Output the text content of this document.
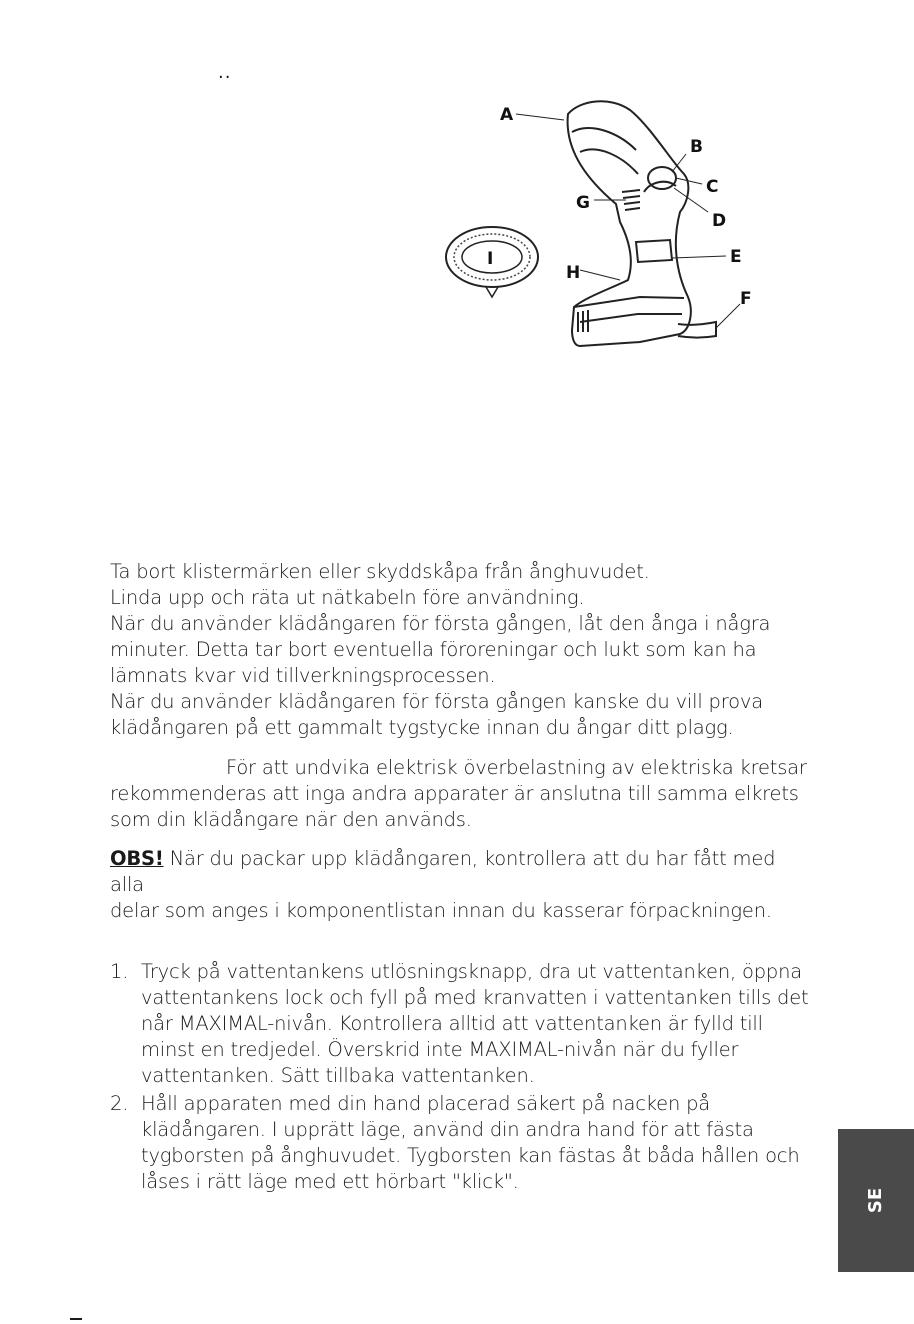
..
A
B
C
D
E
F
G
H
I
Ta bort klistermärken eller skyddskåpa från ånghuvudet.
Linda upp och räta ut nätkabeln före användning.
När du använder klädångaren för första gången, låt den ånga i några
minuter. Detta tar bort eventuella föroreningar och lukt som kan ha
lämnats kvar vid tillverkningsprocessen.
När du använder klädångaren för första gången kanske du vill prova
klädångaren på ett gammalt tygstycke innan du ångar ditt plagg.
För att undvika elektrisk överbelastning av elektriska kretsar
rekommenderas att inga andra apparater är anslutna till samma elkrets
som din klädångare när den används.
OBS! När du packar upp klädångaren, kontrollera att du har fått med alla
delar som anges i komponentlistan innan du kasserar förpackningen.
1. Tryck på vattentankens utlösningsknapp, dra ut vattentanken, öppna
vattentankens lock och fyll på med kranvatten i vattentanken tills det
når MAXIMAL-nivån. Kontrollera alltid att vattentanken är fylld till
minst en tredjedel. Överskrid inte MAXIMAL-nivån när du fyller
vattentanken. Sätt tillbaka vattentanken.
2. Håll apparaten med din hand placerad säkert på nacken på
klädångaren. I upprätt läge, använd din andra hand för att fästa
tygborsten på ånghuvudet. Tygborsten kan fästas åt båda hållen och
låses i rätt läge med ett hörbart "klick".
SE
